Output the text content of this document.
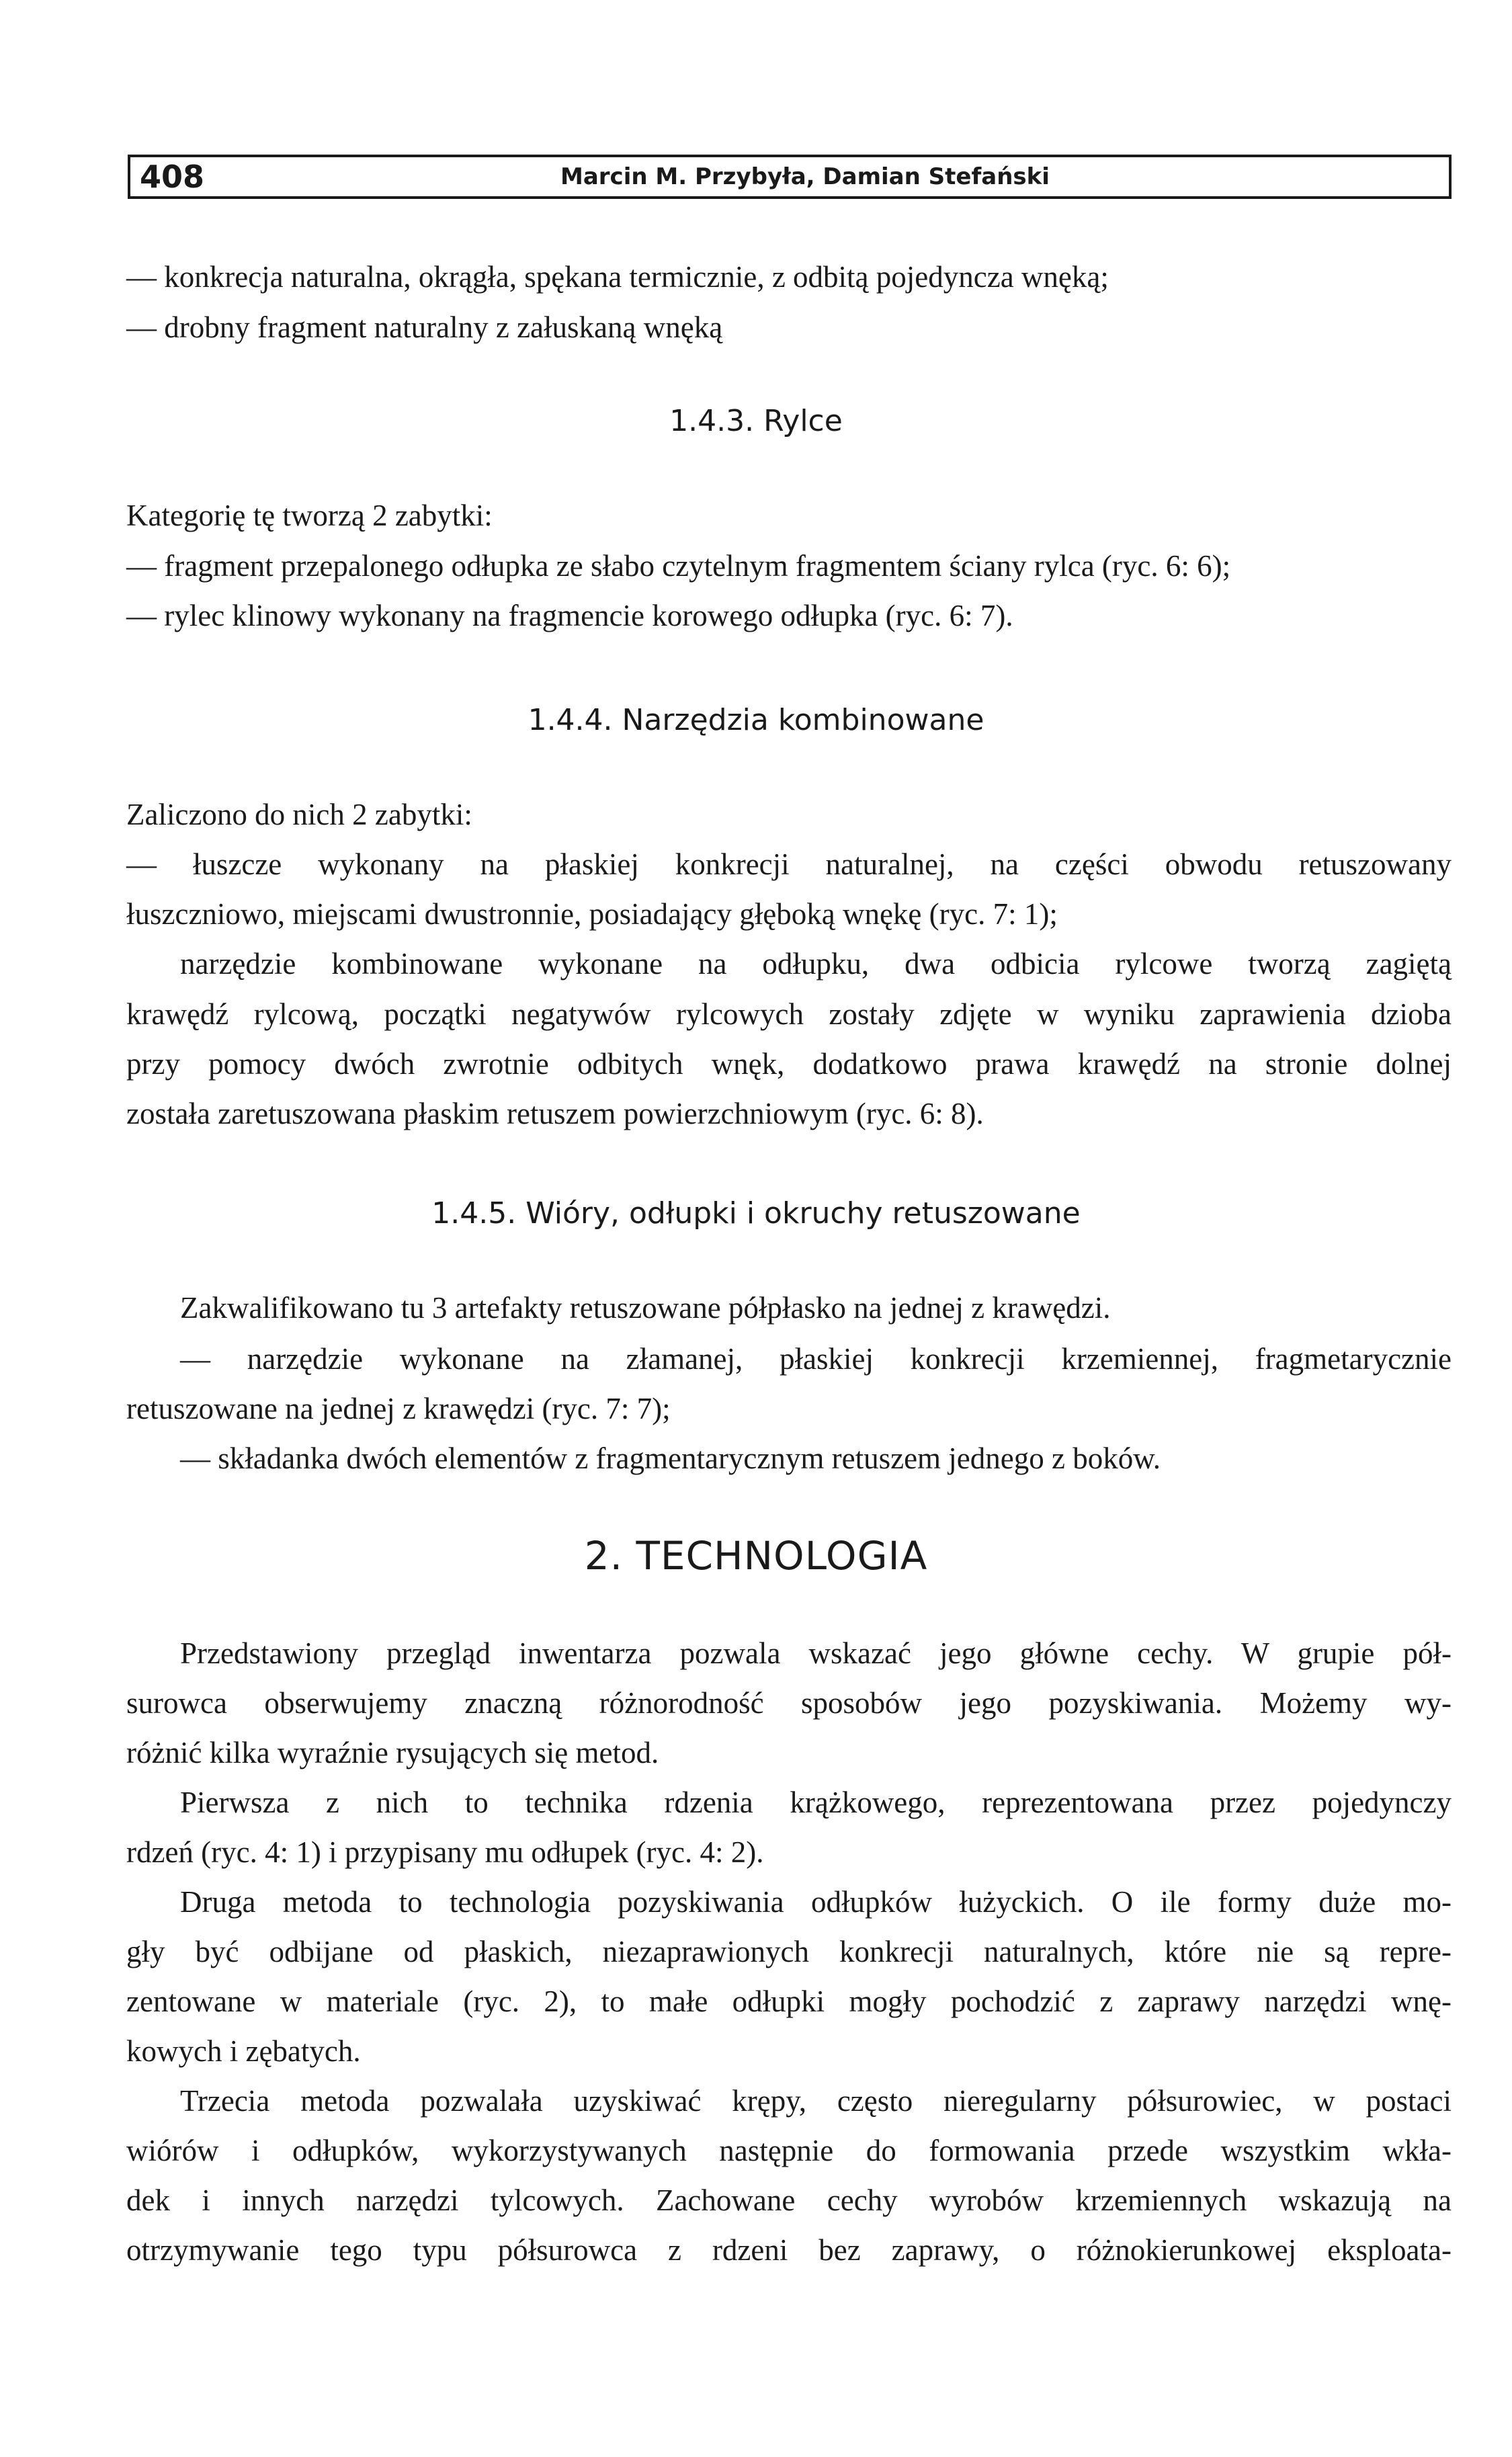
408	Marcin M. Przybyła, Damian Stefański
— konkrecja naturalna, okrągła, spękana termicznie, z odbitą pojedyncza wnęką;
— drobny fragment naturalny z załuskaną wnęką
1.4.3. Rylce
Kategorię tę tworzą 2 zabytki:
— fragment przepalonego odłupka ze słabo czytelnym fragmentem ściany rylca (ryc. 6: 6);
— rylec klinowy wykonany na fragmencie korowego odłupka (ryc. 6: 7).
1.4.4. Narzędzia kombinowane
Zaliczono do nich 2 zabytki:
— łuszcze wykonany na płaskiej konkrecji naturalnej, na części obwodu retuszowany
łuszczniowo, miejscami dwustronnie, posiadający głęboką wnękę (ryc. 7: 1);
narzędzie kombinowane wykonane na odłupku, dwa odbicia rylcowe tworzą zagiętą
krawędź rylcową, początki negatywów rylcowych zostały zdjęte w wyniku zaprawienia dzioba
przy pomocy dwóch zwrotnie odbitych wnęk, dodatkowo prawa krawędź na stronie dolnej
została zaretuszowana płaskim retuszem powierzchniowym (ryc. 6: 8).
1.4.5. Wióry, odłupki i okruchy retuszowane
Zakwalifikowano tu 3 artefakty retuszowane półpłasko na jednej z krawędzi.
— narzędzie wykonane na złamanej, płaskiej konkrecji krzemiennej, fragmetarycznie
retuszowane na jednej z krawędzi (ryc. 7: 7);
— składanka dwóch elementów z fragmentarycznym retuszem jednego z boków.
2. TECHNOLOGIA
Przedstawiony przegląd inwentarza pozwala wskazać jego główne cechy. W grupie pół-
surowca obserwujemy znaczną różnorodność sposobów jego pozyskiwania. Możemy wy-
różnić kilka wyraźnie rysujących się metod.
Pierwsza z nich to technika rdzenia krążkowego, reprezentowana przez pojedynczy
rdzeń (ryc. 4: 1) i przypisany mu odłupek (ryc. 4: 2).
Druga metoda to technologia pozyskiwania odłupków łużyckich. O ile formy duże mo-
gły być odbijane od płaskich, niezaprawionych konkrecji naturalnych, które nie są repre-
zentowane w materiale (ryc. 2), to małe odłupki mogły pochodzić z zaprawy narzędzi wnę-
kowych i zębatych.
Trzecia metoda pozwalała uzyskiwać krępy, często nieregularny półsurowiec, w postaci
wiórów i odłupków, wykorzystywanych następnie do formowania przede wszystkim wkła-
dek i innych narzędzi tylcowych. Zachowane cechy wyrobów krzemiennych wskazują na
otrzymywanie tego typu półsurowca z rdzeni bez zaprawy, o różnokierunkowej eksploata-
